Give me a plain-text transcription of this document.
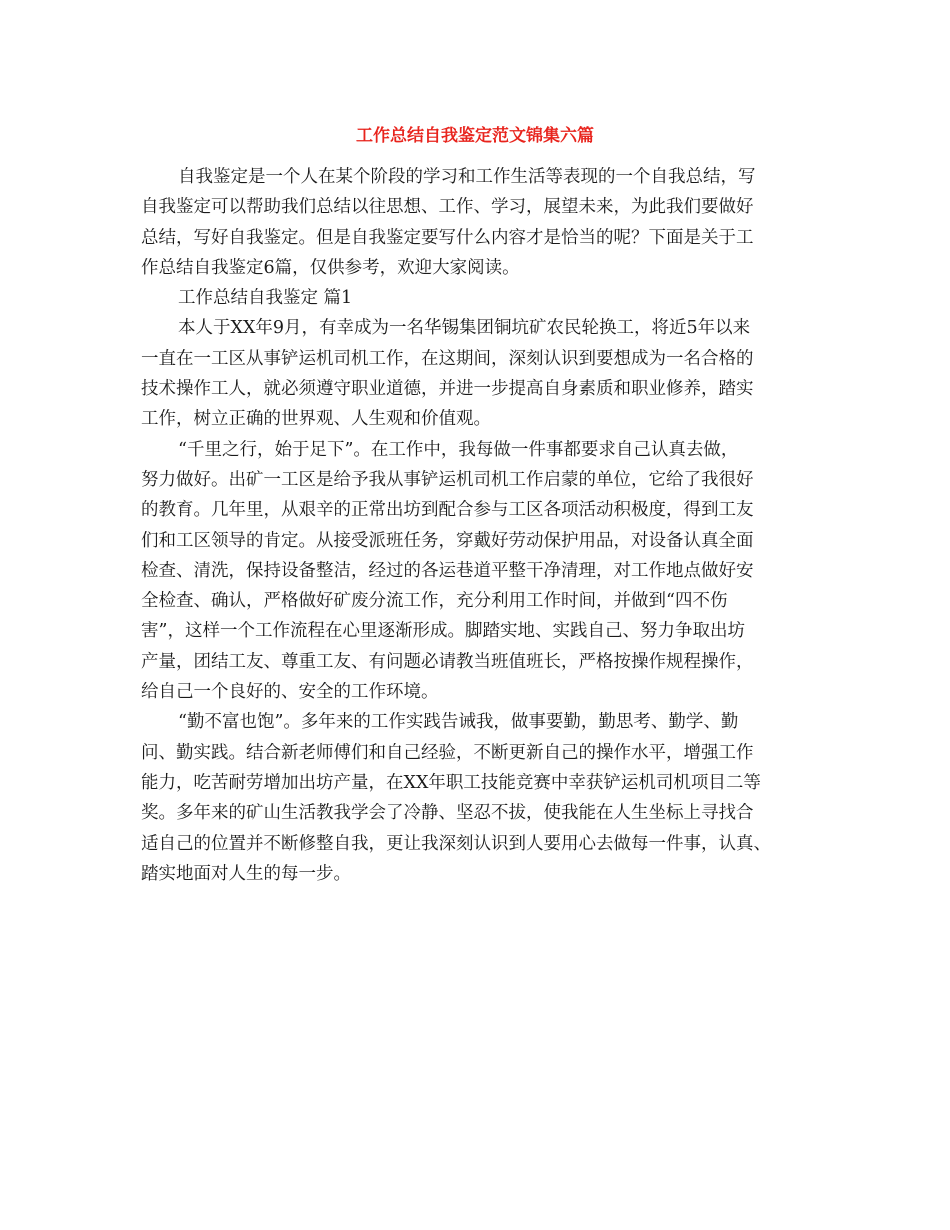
工作总结自我鉴定范文锦集六篇
自我鉴定是一个人在某个阶段的学习和工作生活等表现的一个自我总结，写
自我鉴定可以帮助我们总结以往思想、工作、学习，展望未来，为此我们要做好
总结，写好自我鉴定。但是自我鉴定要写什么内容才是恰当的呢？下面是关于工
作总结自我鉴定6篇，仅供参考，欢迎大家阅读。
工作总结自我鉴定 篇1
本人于XX年9月，有幸成为一名华锡集团铜坑矿农民轮换工，将近5年以来
一直在一工区从事铲运机司机工作，在这期间，深刻认识到要想成为一名合格的
技术操作工人，就必须遵守职业道德，并进一步提高自身素质和职业修养，踏实
工作，树立正确的世界观、人生观和价值观。
“千里之行，始于足下”。在工作中，我每做一件事都要求自己认真去做，
努力做好。出矿一工区是给予我从事铲运机司机工作启蒙的单位，它给了我很好
的教育。几年里，从艰辛的正常出坊到配合参与工区各项活动积极度，得到工友
们和工区领导的肯定。从接受派班任务，穿戴好劳动保护用品，对设备认真全面
检查、清洗，保持设备整洁，经过的各运巷道平整干净清理，对工作地点做好安
全检查、确认，严格做好矿废分流工作，充分利用工作时间，并做到“四不伤
害”，这样一个工作流程在心里逐渐形成。脚踏实地、实践自己、努力争取出坊
产量，团结工友、尊重工友、有问题必请教当班值班长，严格按操作规程操作，
给自己一个良好的、安全的工作环境。
“勤不富也饱”。多年来的工作实践告诫我，做事要勤，勤思考、勤学、勤
问、勤实践。结合新老师傅们和自己经验，不断更新自己的操作水平，增强工作
能力，吃苦耐劳增加出坊产量，在XX年职工技能竞赛中幸获铲运机司机项目二等
奖。多年来的矿山生活教我学会了冷静、坚忍不拔，使我能在人生坐标上寻找合
适自己的位置并不断修整自我，更让我深刻认识到人要用心去做每一件事，认真、
踏实地面对人生的每一步。
